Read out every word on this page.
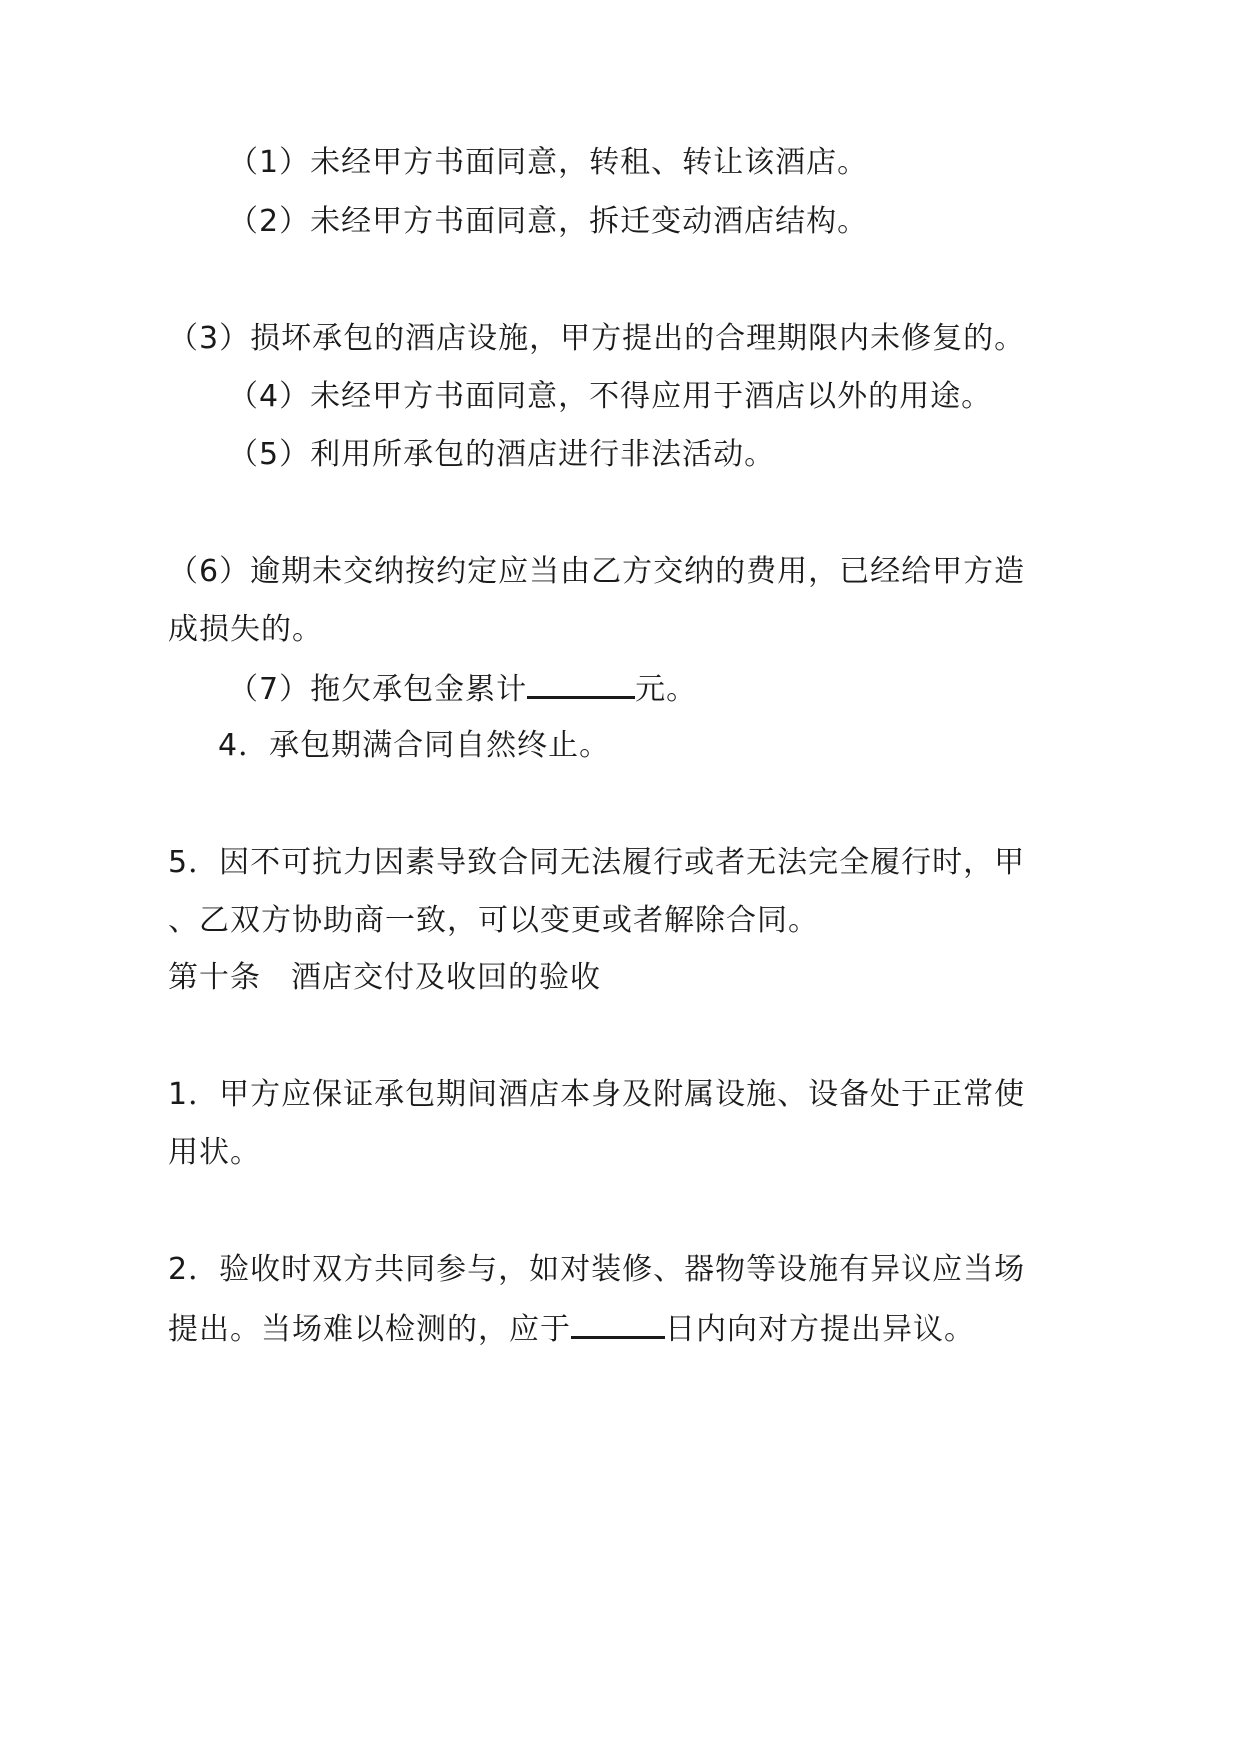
（1）未经甲方书面同意，转租、转让该酒店。
（2）未经甲方书面同意，拆迁变动酒店结构。
（3）损坏承包的酒店设施，甲方提出的合理期限内未修复的。
（4）未经甲方书面同意，不得应用于酒店以外的用途。
（5）利用所承包的酒店进行非法活动。
（6）逾期未交纳按约定应当由乙方交纳的费用，已经给甲方造
成损失的。
（7）拖欠承包金累计	元。
4．承包期满合同自然终止。
5．因不可抗力因素导致合同无法履行或者无法完全履行时，甲
、乙双方协助商一致，可以变更或者解除合同。
第十条 酒店交付及收回的验收
1．甲方应保证承包期间酒店本身及附属设施、设备处于正常使
用状。
2．验收时双方共同参与，如对装修、器物等设施有异议应当场
提出。当场难以检测的，应于	日内向对方提出异议。
